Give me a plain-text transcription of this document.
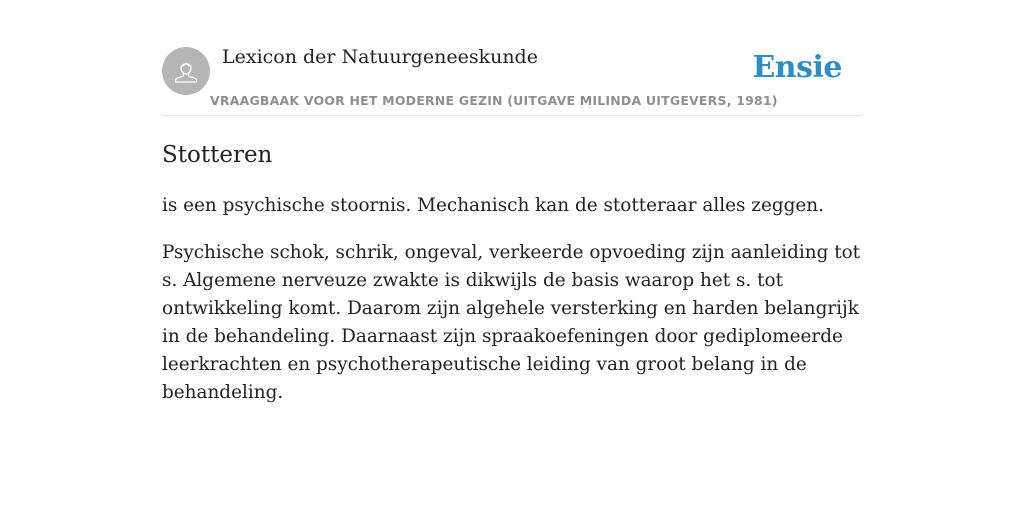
Lexicon der Natuurgeneeskunde
VRAAGBAAK VOOR HET MODERNE GEZIN (UITGAVE MILINDA UITGEVERS, 1981)
Ensie
Stotteren

is een psychische stoornis. Mechanisch kan de stotteraar alles zeggen.

Psychische schok, schrik, ongeval, verkeerde opvoeding zijn aanleiding tot s. Algemene nerveuze zwakte is dikwijls de basis waarop het s. tot ontwikkeling komt. Daarom zijn algehele versterking en harden belangrijk in de behandeling. Daarnaast zijn spraakoefeningen door gediplomeerde leerkrachten en psychotherapeutische leiding van groot belang in de behandeling.
